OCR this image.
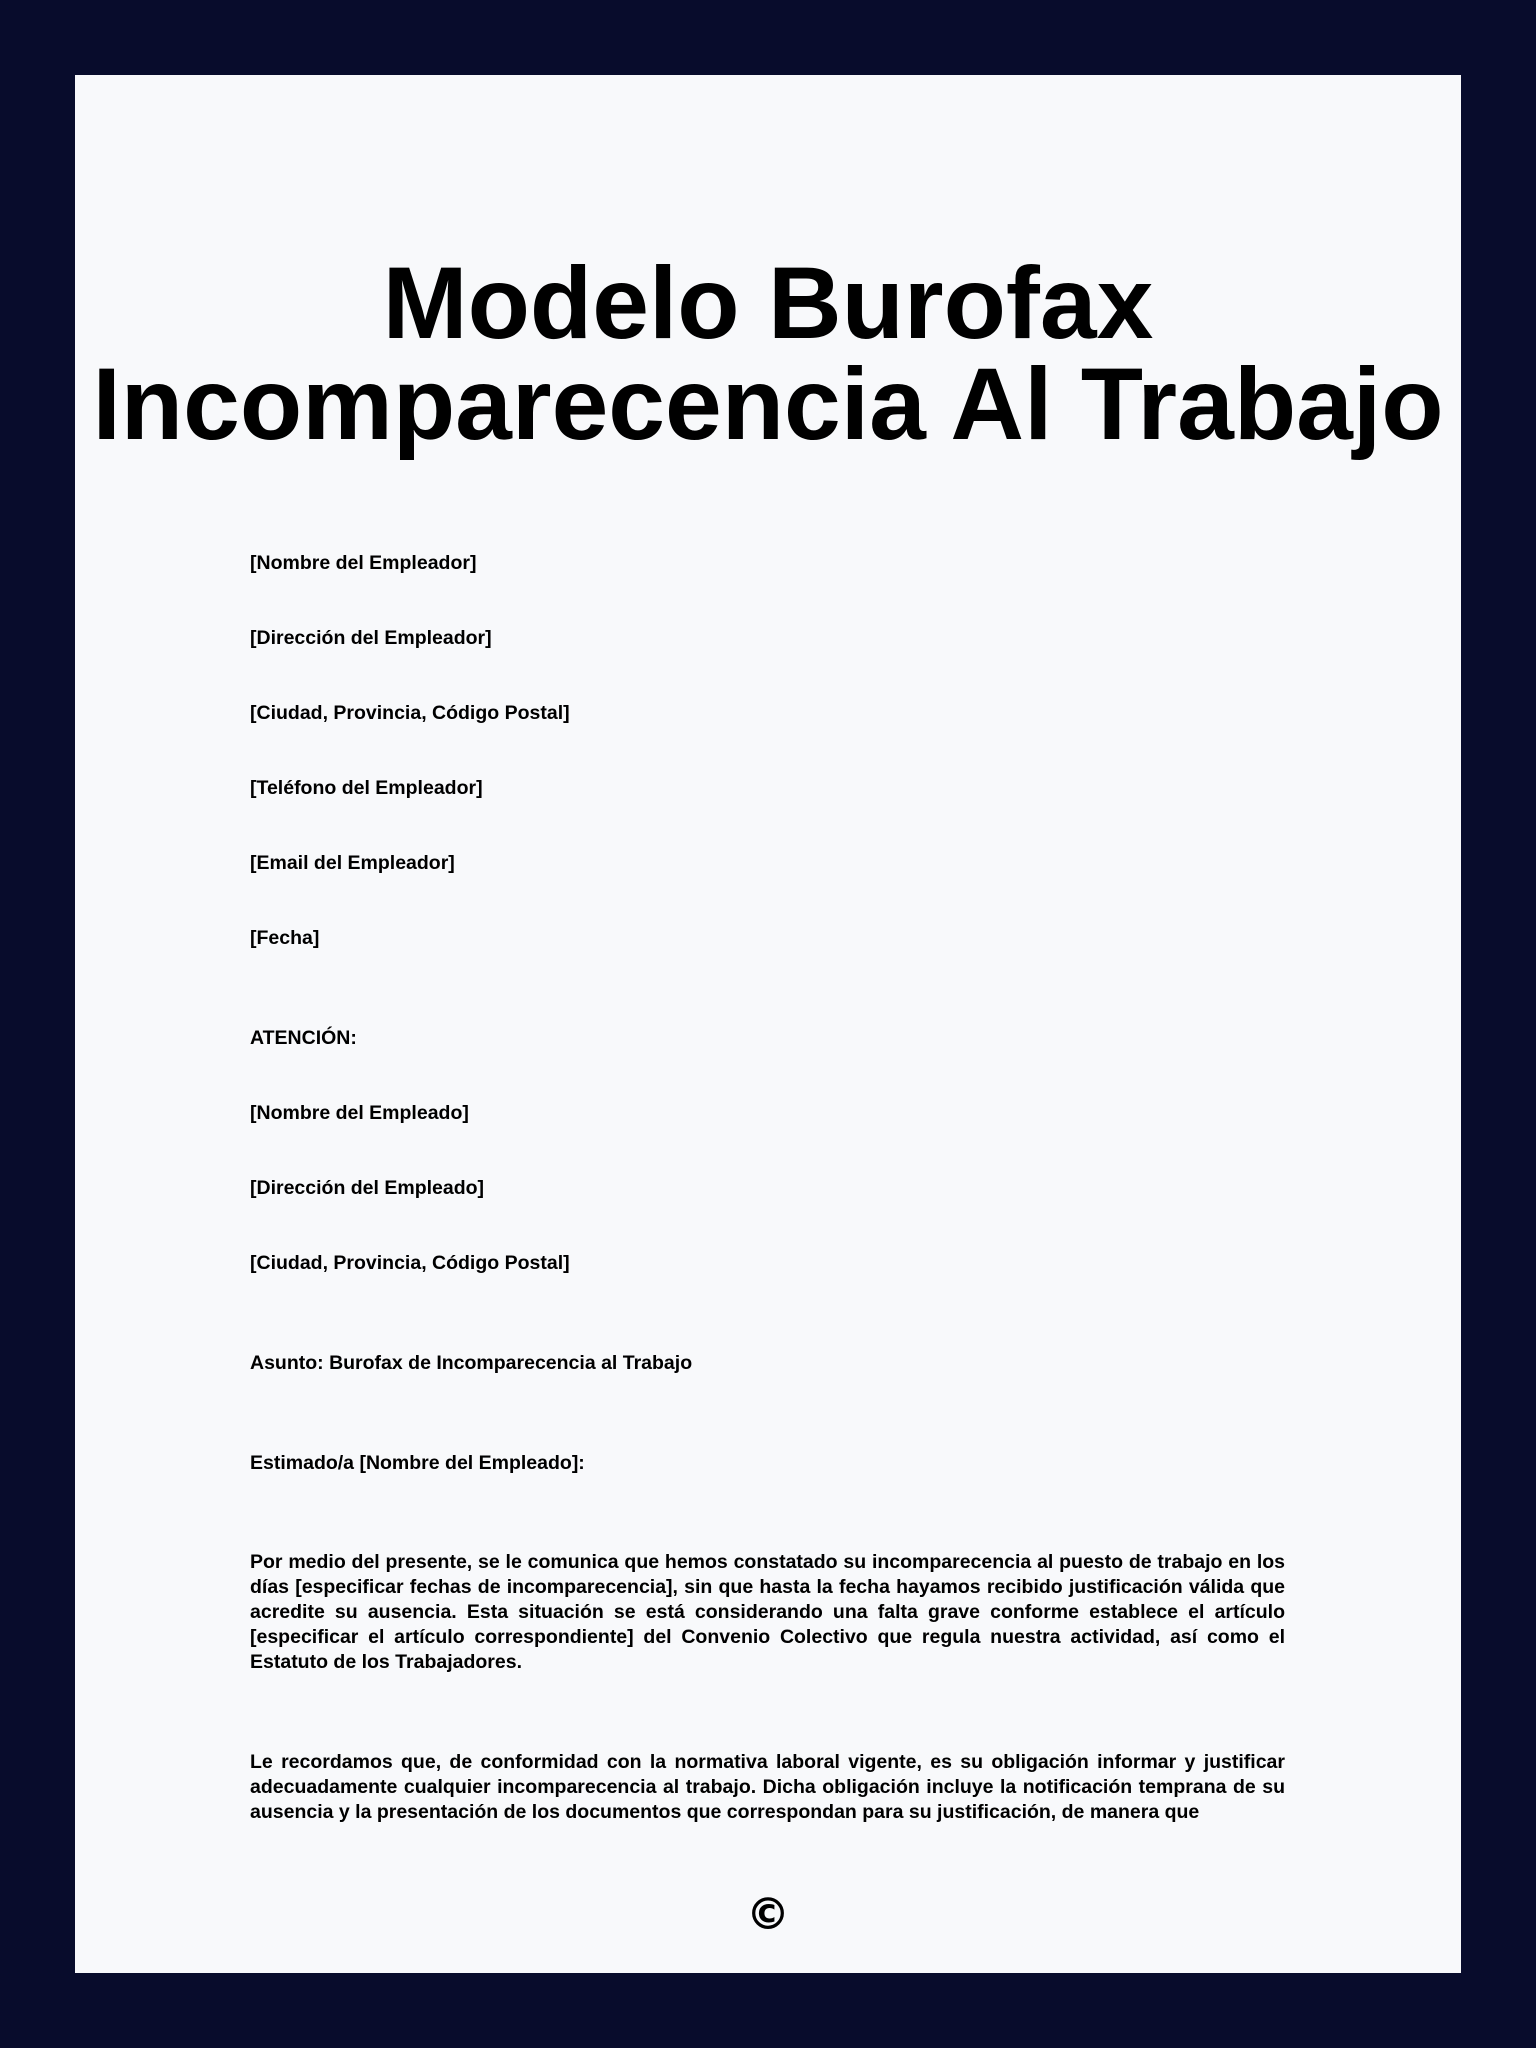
Modelo Burofax
Incomparecencia Al Trabajo

[Nombre del Empleador]

[Dirección del Empleador]

[Ciudad, Provincia, Código Postal]

[Teléfono del Empleador]

[Email del Empleador]

[Fecha]

ATENCIÓN:

[Nombre del Empleado]

[Dirección del Empleado]

[Ciudad, Provincia, Código Postal]

Asunto: Burofax de Incomparecencia al Trabajo

Estimado/a [Nombre del Empleado]:

Por medio del presente, se le comunica que hemos constatado su incomparecencia al puesto de trabajo en los días [especificar fechas de incomparecencia], sin que hasta la fecha hayamos recibido justificación válida que acredite su ausencia. Esta situación se está considerando una falta grave conforme establece el artículo [especificar el artículo correspondiente] del Convenio Colectivo que regula nuestra actividad, así como el Estatuto de los Trabajadores.

Le recordamos que, de conformidad con la normativa laboral vigente, es su obligación informar y justificar adecuadamente cualquier incomparecencia al trabajo. Dicha obligación incluye la notificación temprana de su ausencia y la presentación de los documentos que correspondan para su justificación, de manera que

©
